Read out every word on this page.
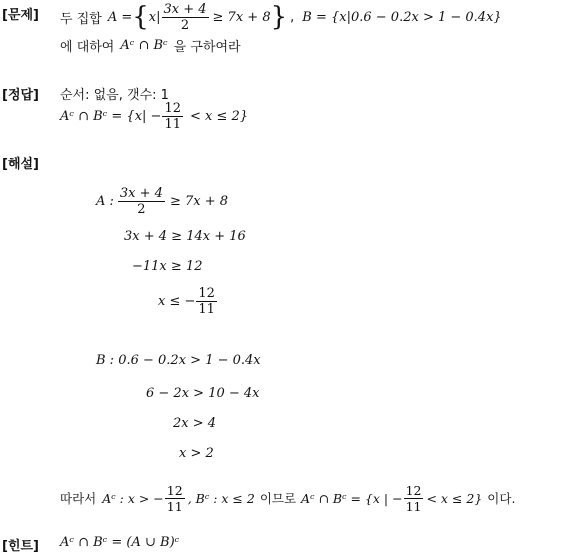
[문제] 두 집합 A = { $x| \frac{3x + 4}{2} \ge 7x + 8$ } , B = {x|0.6 − 0.2x > 1 − 0.4x}
에 대하여 Aᶜ ∩ Bᶜ 을 구하여라
[정답] 순서: 없음, 갯수: 1
Aᶜ ∩ Bᶜ = $\{x| - \frac{12}{11} < x \le 2\}$
[해설]
A : $\frac{3x + 4}{2} \ge 7x + 8$
3x + 4 ≥ 14x + 16
−11x ≥ 12
x ≤ − $\frac{12}{11}$
B : 0.6 − 0.2x > 1 − 0.4x
6 − 2x > 10 − 4x
2x > 4
x > 2
따라서 Aᶜ : x > − $\frac{12}{11}$ , Bᶜ : x ≤ 2 이므로 Aᶜ ∩ Bᶜ = {x | − $\frac{12}{11} < x \le 2$} 이다.
[힌트] Aᶜ ∩ Bᶜ = (A ∪ B)ᶜ
